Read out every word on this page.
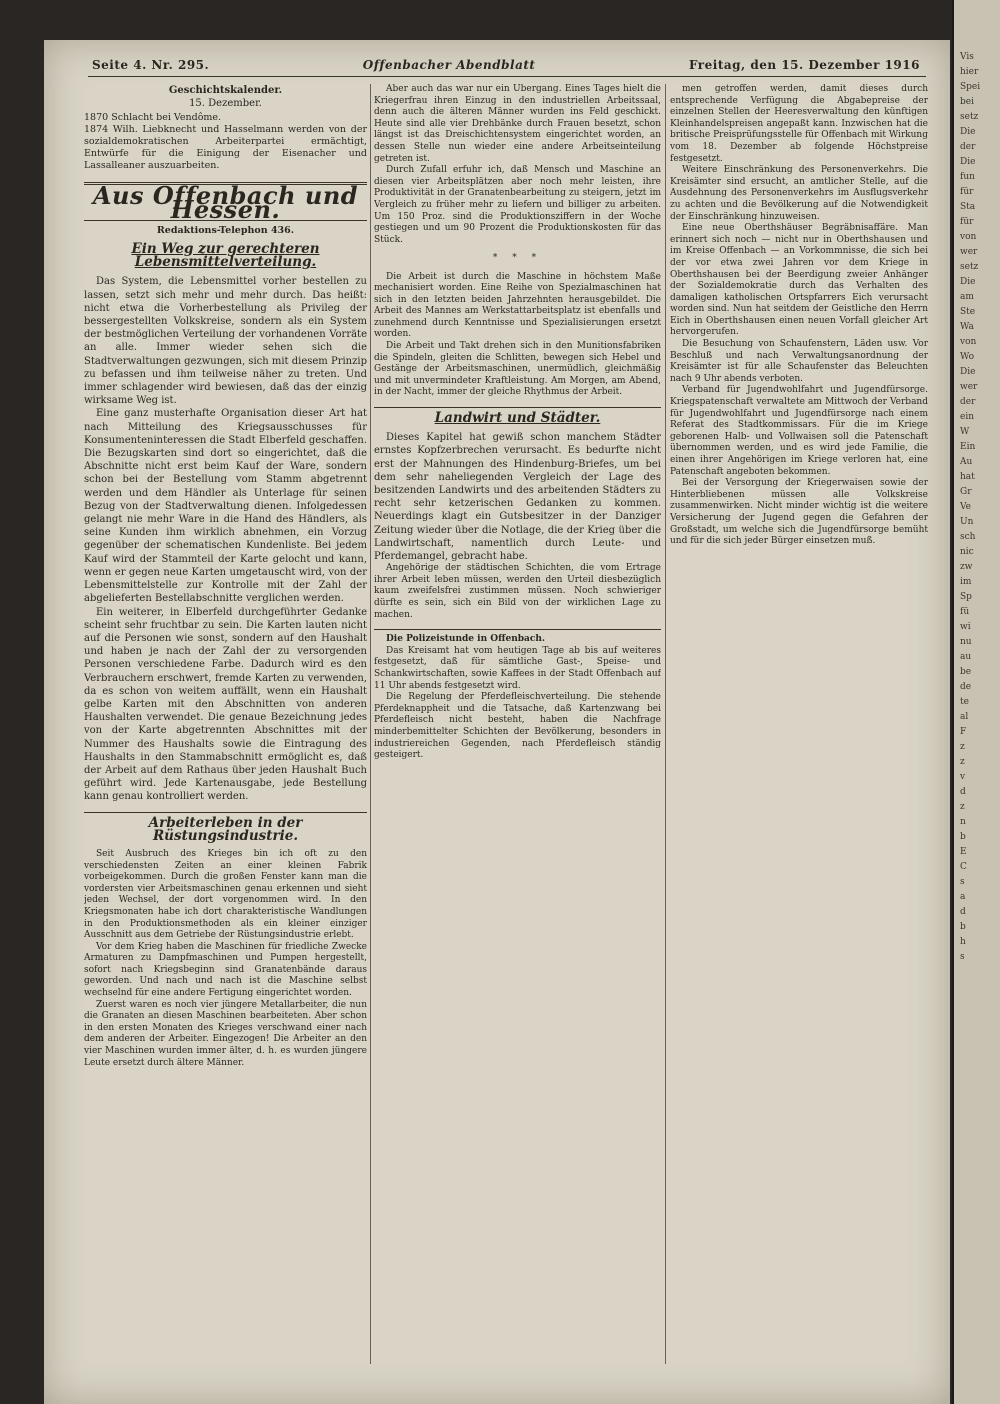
Seite 4. Nr. 295.	Offenbacher Abendblatt	Freitag, den 15. Dezember 1916
Geschichtskalender.
15. Dezember.
1870 Schlacht bei Vendôme.
1874 Wilh. Liebknecht und Hasselmann werden von der sozialdemokratischen Arbeiterpartei ermächtigt, Entwürfe für die Einigung der Eisenacher und Lassalleaner auszuarbeiten.
Aus Offenbach und Hessen.
Redaktions-Telephon 436.
Ein Weg zur gerechteren Lebensmittelverteilung.

Das System, die Lebensmittel vorher bestellen zu lassen, setzt sich mehr und mehr durch. Das heißt: nicht etwa die Vorherbestellung als Privileg der bessergestellten Volkskreise, sondern als ein System der bestmöglichen Verteilung der vorhandenen Vorräte an alle. Immer wieder sehen sich die Stadtverwaltungen gezwungen, sich mit diesem Prinzip zu befassen und ihm teilweise näher zu treten. Und immer schlagender wird bewiesen, daß das der einzig wirksame Weg ist.

Eine ganz musterhafte Organisation dieser Art hat nach Mitteilung des Kriegsausschusses für Konsumenteninteressen die Stadt Elberfeld geschaffen. Die Bezugskarten sind dort so eingerichtet, daß die Abschnitte nicht erst beim Kauf der Ware, sondern schon bei der Bestellung vom Stamm abgetrennt werden und dem Händler als Unterlage für seinen Bezug von der Stadtverwaltung dienen. Infolgedessen gelangt nie mehr Ware in die Hand des Händlers, als seine Kunden ihm wirklich abnehmen, ein Vorzug gegenüber der schematischen Kundenliste. Bei jedem Kauf wird der Stammteil der Karte gelocht und kann, wenn er gegen neue Karten umgetauscht wird, von der Lebensmittelstelle zur Kontrolle mit der Zahl der abgelieferten Bestellabschnitte verglichen werden.

Ein weiterer, in Elberfeld durchgeführter Gedanke scheint sehr fruchtbar zu sein. Die Karten lauten nicht auf die Personen wie sonst, sondern auf den Haushalt und haben je nach der Zahl der zu versorgenden Personen verschiedene Farbe. Dadurch wird es den Verbrauchern erschwert, fremde Karten zu verwenden, da es schon von weitem auffällt, wenn ein Haushalt gelbe Karten mit den Abschnitten von anderen Haushalten verwendet. Die genaue Bezeichnung jedes von der Karte abgetrennten Abschnittes mit der Nummer des Haushalts sowie die Eintragung des Haushalts in den Stammabschnitt ermöglicht es, daß der Arbeit auf dem Rathaus über jeden Haushalt Buch geführt wird. Jede Kartenausgabe, jede Bestellung kann genau kontrolliert werden.

Arbeiterleben in der Rüstungsindustrie.

Seit Ausbruch des Krieges bin ich oft zu den verschiedensten Zeiten an einer kleinen Fabrik vorbeigekommen. Durch die großen Fenster kann man die vordersten vier Arbeitsmaschinen genau erkennen und sieht jeden Wechsel, der dort vorgenommen wird. In den Kriegsmonaten habe ich dort charakteristische Wandlungen in den Produktionsmethoden als ein kleiner einziger Ausschnitt aus dem Getriebe der Rüstungsindustrie erlebt.

Vor dem Krieg haben die Maschinen für friedliche Zwecke Armaturen zu Dampfmaschinen und Pumpen hergestellt, sofort nach Kriegsbeginn sind Granatenbände daraus geworden. Und nach und nach ist die Maschine selbst wechselnd für eine andere Fertigung eingerichtet worden.

Zuerst waren es noch vier jüngere Metallarbeiter, die nun die Granaten an diesen Maschinen bearbeiteten. Aber schon in den ersten Monaten des Krieges verschwand einer nach dem anderen der Arbeiter. Eingezogen! Die Arbeiter an den vier Maschinen wurden immer älter, d. h. es wurden jüngere Leute ersetzt durch ältere Männer.

Aber auch das war nur ein Übergang. Eines Tages hielt die Kriegerfrau ihren Einzug in den industriellen Arbeitssaal, denn auch die älteren Männer wurden ins Feld geschickt. Heute sind alle vier Drehbänke durch Frauen besetzt, schon längst ist das Dreischichtensystem eingerichtet worden, an dessen Stelle nun wieder eine andere Arbeitseinteilung getreten ist.

Durch Zufall erfuhr ich, daß Mensch und Maschine an diesen vier Arbeitsplätzen aber noch mehr leisten, ihre Produktivität in der Granatenbearbeitung zu steigern, jetzt im Vergleich zu früher mehr zu liefern und billiger zu arbeiten. Um 150 Proz. sind die Produktionsziffern in der Woche gestiegen und um 90 Prozent die Produktionskosten für das Stück.

* * *

Die Arbeit ist durch die Maschine in höchstem Maße mechanisiert worden. Eine Reihe von Spezialmaschinen hat sich in den letzten beiden Jahrzehnten herausgebildet. Die Arbeit des Mannes am Werkstattarbeitsplatz ist ebenfalls und zunehmend durch Kenntnisse und Spezialisierungen ersetzt worden.

Die Arbeit und Takt drehen sich in den Munitionsfabriken die Spindeln, gleiten die Schlitten, bewegen sich Hebel und Gestänge der Arbeitsmaschinen, unermüdlich, gleichmäßig und mit unvermindeter Kraftleistung. Am Morgen, am Abend, in der Nacht, immer der gleiche Rhythmus der Arbeit.

Landwirt und Städter.

Dieses Kapitel hat gewiß schon manchem Städter ernstes Kopfzerbrechen verursacht. Es bedurfte nicht erst der Mahnungen des Hindenburg-Briefes, um bei dem sehr naheliegenden Vergleich der Lage des besitzenden Landwirts und des arbeitenden Städters zu recht sehr ketzerischen Gedanken zu kommen. Neuerdings klagt ein Gutsbesitzer in der Danziger Zeitung wieder über die Notlage, die der Krieg über die Landwirtschaft, namentlich durch Leute- und Pferdemangel, gebracht habe.

Angehörige der städtischen Schichten, die vom Ertrage ihrer Arbeit leben müssen, werden den Urteil diesbezüglich kaum zweifelsfrei zustimmen müssen. Noch schwieriger dürfte es sein, sich ein Bild von der wirklichen Lage zu machen.

Die Polizeistunde in Offenbach.

Das Kreisamt hat vom heutigen Tage ab bis auf weiteres festgesetzt, daß für sämtliche Gast-, Speise- und Schankwirtschaften, sowie Kaffees in der Stadt Offenbach auf 11 Uhr abends festgesetzt wird.

Die Regelung der Pferdefleischverteilung. Die stehende Pferdeknappheit und die Tatsache, daß Kartenzwang bei Pferdefleisch nicht besteht, haben die Nachfrage minderbemittelter Schichten der Bevölkerung, besonders in industriereichen Gegenden, nach Pferdefleisch ständig gesteigert.

men getroffen werden, damit dieses durch entsprechende Verfügung die Abgabepreise der einzelnen Stellen der Heeresverwaltung den künftigen Kleinhandelspreisen angepaßt kann. Inzwischen hat die britische Preisprüfungsstelle für Offenbach mit Wirkung vom 18. Dezember ab folgende Höchstpreise festgesetzt.

Weitere Einschränkung des Personenverkehrs. Die Kreisämter sind ersucht, an amtlicher Stelle, auf die Ausdehnung des Personenverkehrs im Ausflugsverkehr zu achten und die Bevölkerung auf die Notwendigkeit der Einschränkung hinzuweisen.

Eine neue Oberthshäuser Begräbnisaffäre. Man erinnert sich noch — nicht nur in Oberthshausen und im Kreise Offenbach — an Vorkommnisse, die sich bei der vor etwa zwei Jahren vor dem Kriege in Oberthshausen bei der Beerdigung zweier Anhänger der Sozialdemokratie durch das Verhalten des damaligen katholischen Ortspfarrers Eich verursacht worden sind. Nun hat seitdem der Geistliche den Herrn Eich in Oberthshausen einen neuen Vorfall gleicher Art hervorgerufen.

Die Besuchung von Schaufenstern, Läden usw. Vor Beschluß und nach Verwaltungsanordnung der Kreisämter ist für alle Schaufenster das Beleuchten nach 9 Uhr abends verboten.

Verband für Jugendwohlfahrt und Jugendfürsorge. Kriegspatenschaft verwaltete am Mittwoch der Verband für Jugendwohlfahrt und Jugendfürsorge nach einem Referat des Stadtkommissars. Für die im Kriege geborenen Halb- und Vollwaisen soll die Patenschaft übernommen werden, und es wird jede Familie, die einen ihrer Angehörigen im Kriege verloren hat, eine Patenschaft angeboten bekommen.

Bei der Versorgung der Kriegerwaisen sowie der Hinterbliebenen müssen alle Volkskreise zusammenwirken. Nicht minder wichtig ist die weitere Versicherung der Jugend gegen die Gefahren der Großstadt, um welche sich die Jugendfürsorge bemüht und für die sich jeder Bürger einsetzen muß.

Vis
hier
Spei
bei
setz
Die
der
Die
fun
für
Sta
für
von
wer
setz
Die
am
Ste
Wa
von
Wo
Die
wer
der
ein
W
Ein
Au
hat
Gr
Ve
Un
sch
nic
zw
im
Sp
fü
wi
nu
au
be
de
te
al
F
z
z
v
d
z
n
b
E
C
s
a
d
b
h
s
